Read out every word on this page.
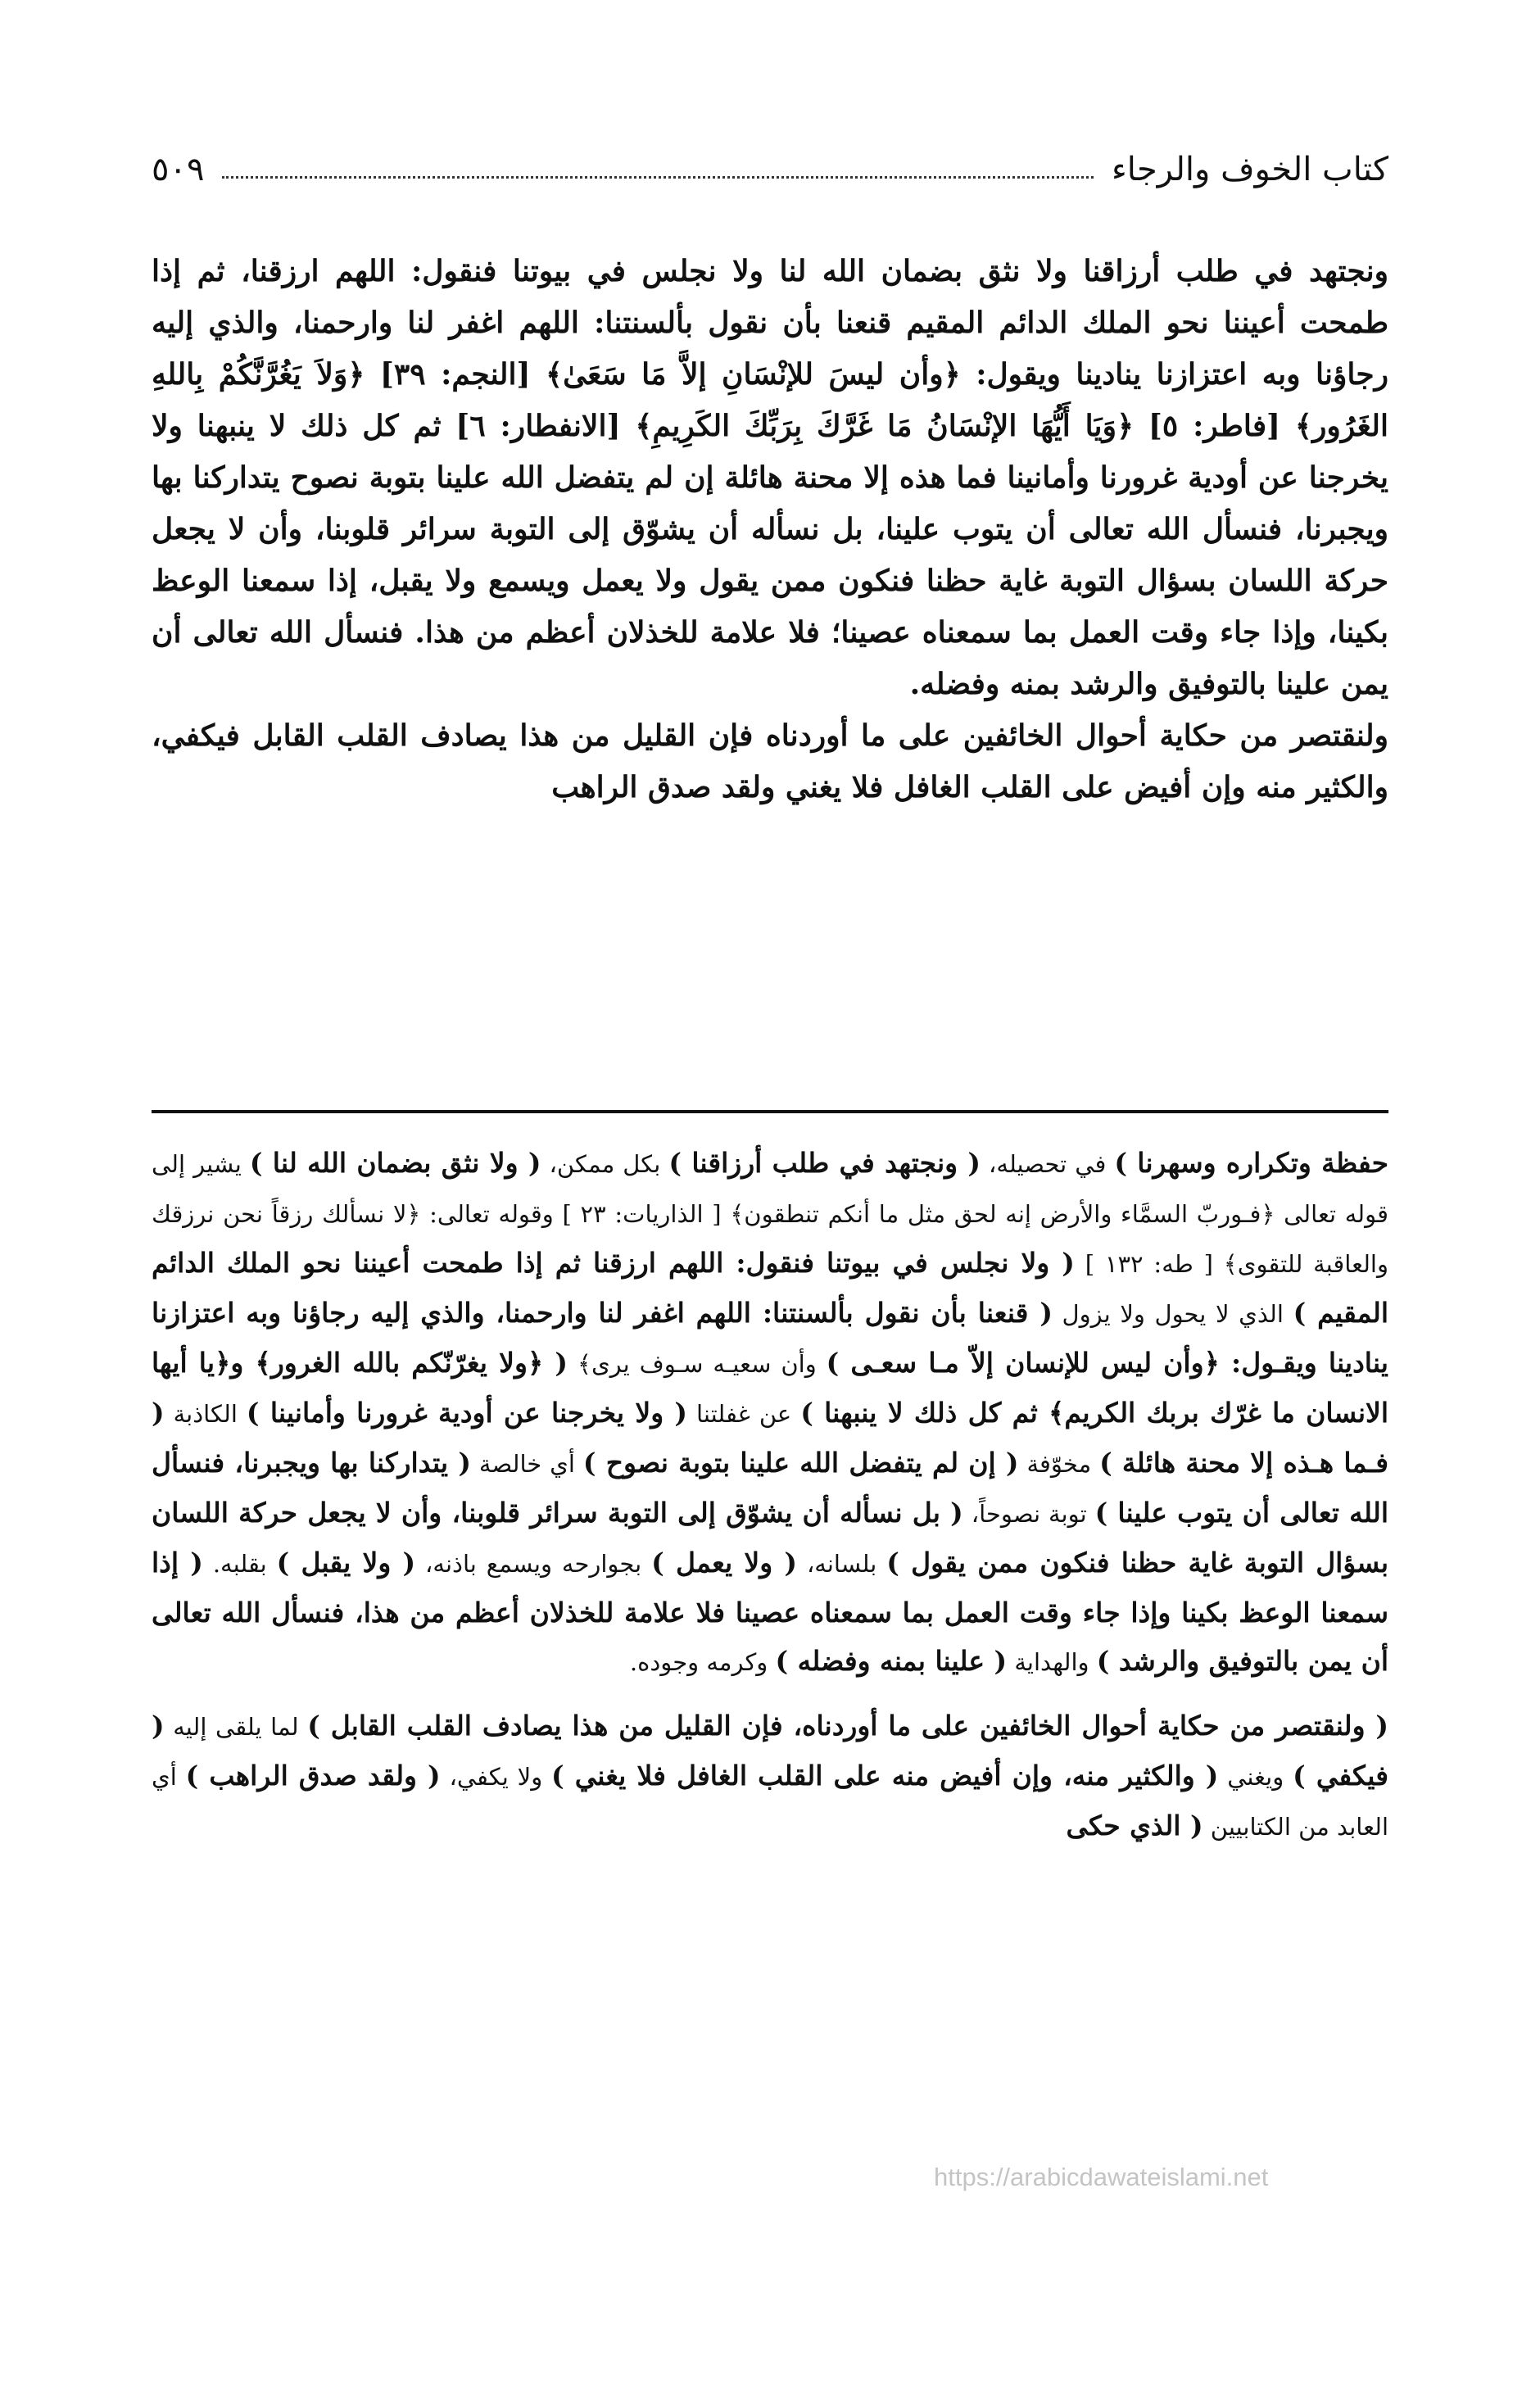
كتاب الخوف والرجاء
٥٠٩

ونجتهد في طلب أرزاقنا ولا نثق بضمان الله لنا ولا نجلس في بيوتنا فنقول: اللهم ارزقنا، ثم إذا طمحت أعيننا نحو الملك الدائم المقيم قنعنا بأن نقول بألسنتنا: اللهم اغفر لنا وارحمنا، والذي إليه رجاؤنا وبه اعتزازنا ينادينا ويقول: ﴿وأن ليسَ للإنْسَانِ إلاَّ مَا سَعَىٰ﴾ [النجم: ٣٩] ﴿وَلاَ يَغُرَّنَّكُمْ بِاللهِ الغَرُور﴾ [فاطر: ٥] ﴿وَيَا أَيُّهَا الإنْسَانُ مَا غَرَّكَ بِرَبِّكَ الكَرِيمِ﴾ [الانفطار: ٦] ثم كل ذلك لا ينبهنا ولا يخرجنا عن أودية غرورنا وأمانينا فما هذه إلا محنة هائلة إن لم يتفضل الله علينا بتوبة نصوح يتداركنا بها ويجبرنا، فنسأل الله تعالى أن يتوب علينا، بل نسأله أن يشوّق إلى التوبة سرائر قلوبنا، وأن لا يجعل حركة اللسان بسؤال التوبة غاية حظنا فنكون ممن يقول ولا يعمل ويسمع ولا يقبل، إذا سمعنا الوعظ بكينا، وإذا جاء وقت العمل بما سمعناه عصينا؛ فلا علامة للخذلان أعظم من هذا. فنسأل الله تعالى أن يمن علينا بالتوفيق والرشد بمنه وفضله.

ولنقتصر من حكاية أحوال الخائفين على ما أوردناه فإن القليل من هذا يصادف القلب القابل فيكفي، والكثير منه وإن أفيض على القلب الغافل فلا يغني ولقد صدق الراهب

حفظة وتكراره وسهرنا ) في تحصيله، ( ونجتهد في طلب أرزاقنا ) بكل ممكن، ( ولا نثق بضمان الله لنا ) يشير إلى قوله تعالى ﴿فـوربّ السمَّاء والأرض إنه لحق مثل ما أنكم تنطقون﴾ [ الذاريات: ٢٣ ] وقوله تعالى: ﴿لا نسألك رزقاً نحن نرزقك والعاقبة للتقوى﴾ [ طه: ١٣٢ ] ( ولا نجلس في بيوتنا فنقول: اللهم ارزقنا ثم إذا طمحت أعيننا نحو الملك الدائم المقيم ) الذي لا يحول ولا يزول ( قنعنا بأن نقول بألسنتنا: اللهم اغفر لنا وارحمنا، والذي إليه رجاؤنا وبه اعتزازنا ينادينا ويقـول: ﴿وأن ليس للإنسان إلاّ مـا سعـى ) وأن سعيـه سـوف يرى﴾ ( ﴿ولا يغرّنّكم بالله الغرور﴾ و﴿يا أيها الانسان ما غرّك بربك الكريم﴾ ثم كل ذلك لا ينبهنا ) عن غفلتنا ( ولا يخرجنا عن أودية غرورنا وأمانينا ) الكاذبة ( فـما هـذه إلا محنة هائلة ) مخوّفة ( إن لم يتفضل الله علينا بتوبة نصوح ) أي خالصة ( يتداركنا بها ويجبرنا، فنسأل الله تعالى أن يتوب علينا ) توبة نصوحاً، ( بل نسأله أن يشوّق إلى التوبة سرائر قلوبنا، وأن لا يجعل حركة اللسان بسؤال التوبة غاية حظنا فنكون ممن يقول ) بلسانه، ( ولا يعمل ) بجوارحه ويسمع باذنه، ( ولا يقبل ) بقلبه. ( إذا سمعنا الوعظ بكينا وإذا جاء وقت العمل بما سمعناه عصينا فلا علامة للخذلان أعظم من هذا، فنسأل الله تعالى أن يمن بالتوفيق والرشد ) والهداية ( علينا بمنه وفضله ) وكرمه وجوده.

( ولنقتصر من حكاية أحوال الخائفين على ما أوردناه، فإن القليل من هذا يصادف القلب القابل ) لما يلقى إليه ( فيكفي ) ويغني ( والكثير منه، وإن أفيض منه على القلب الغافل فلا يغني ) ولا يكفي، ( ولقد صدق الراهب ) أي العابد من الكتابيين ( الذي حكى

https://arabicdawateislami.net
